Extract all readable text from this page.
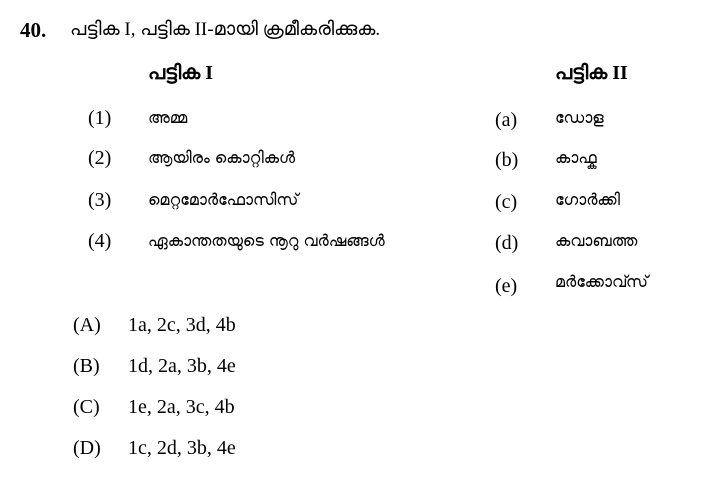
40. പട്ടിക I, പട്ടിക II-മായി ക്രമീകരിക്കുക.
പട്ടിക I	പട്ടിക II
(1) അമ്മ
(2) ആയിരം കൊറ്റികൾ
(3) മെറ്റമോർഫോസിസ്
(4) ഏകാന്തതയുടെ നൂറു വർഷങ്ങൾ
(a) ഡോള
(b) കാഫ്ക
(c) ഗോർക്കി
(d) കവാബത്ത
(e) മർക്കോവ്സ്
(A) 1a, 2c, 3d, 4b
(B) 1d, 2a, 3b, 4e
(C) 1e, 2a, 3c, 4b
(D) 1c, 2d, 3b, 4e
